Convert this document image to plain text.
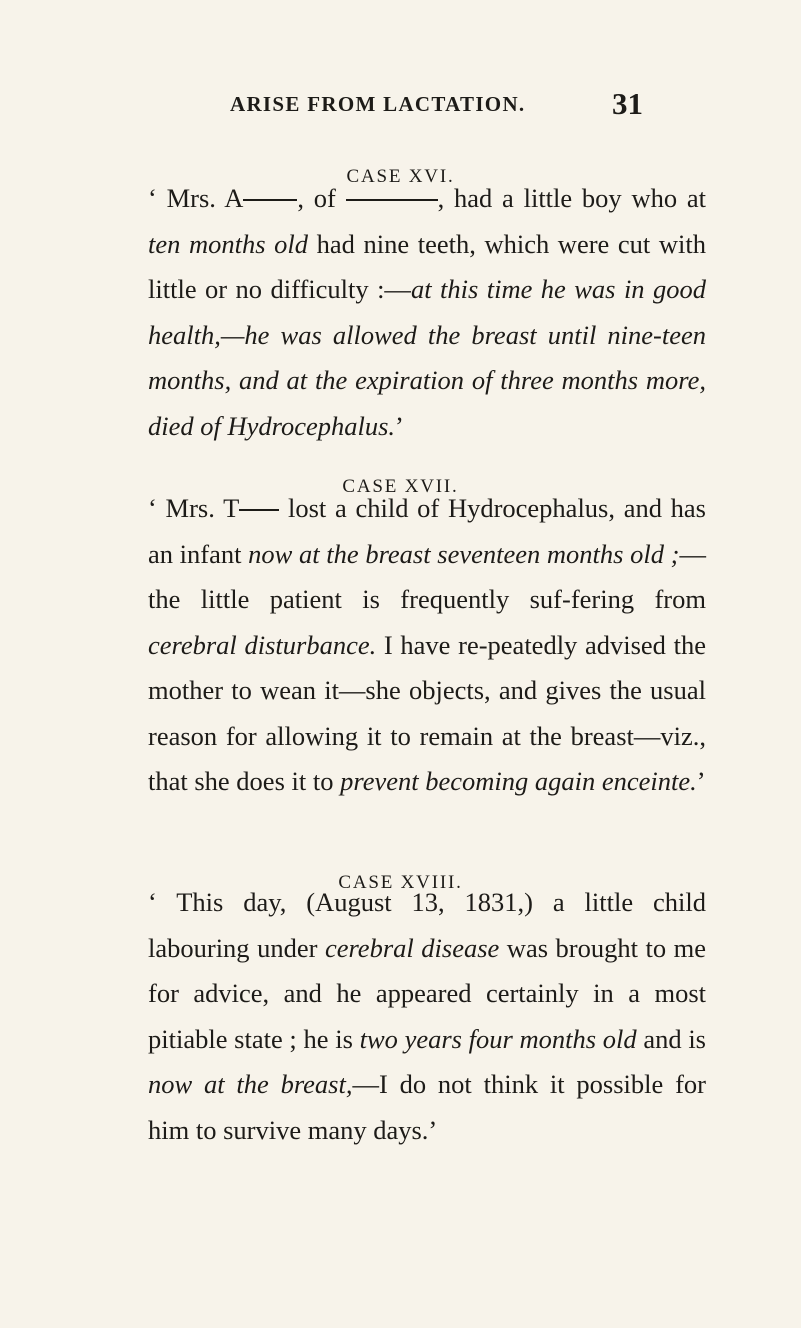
ARISE FROM LACTATION.	31
CASE XVI.

‘ Mrs. A , of	, had a little boy who at ten months old had nine teeth, which were cut with little or no difficulty :—at this time he was in good health,—he was allowed the breast until nine-teen months, and at the expiration of three months more, died of Hydrocephalus.’

CASE XVII.

‘ Mrs. T lost a child of Hydrocephalus, and has an infant now at the breast seventeen months old ;—the little patient is frequently suf-fering from cerebral disturbance. I have re-peatedly advised the mother to wean it—she objects, and gives the usual reason for allowing it to remain at the breast—viz., that she does it to prevent becoming again enceinte.’

CASE XVIII.

‘ This day, (August 13, 1831,) a little child labouring under cerebral disease was brought to me for advice, and he appeared certainly in a most pitiable state ; he is two years four months old and is now at the breast,—I do not think it possible for him to survive many days.’
